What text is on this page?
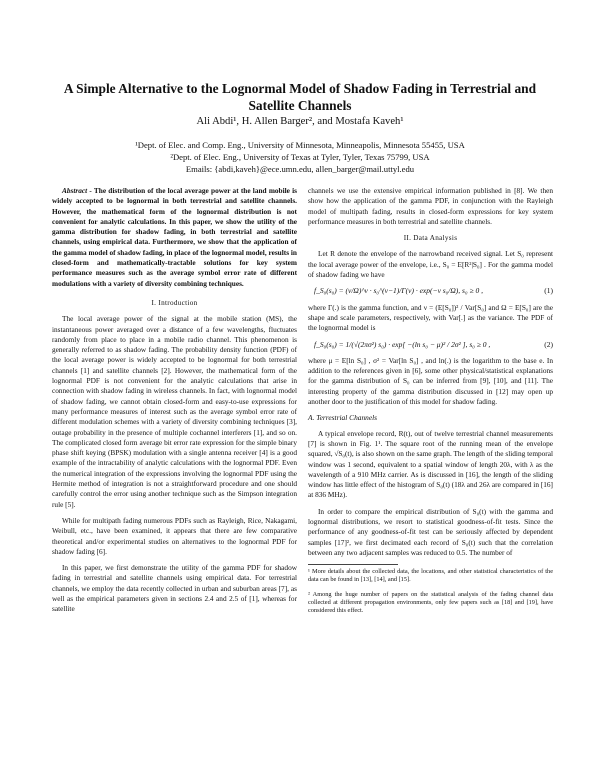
A Simple Alternative to the Lognormal Model of Shadow Fading in Terrestrial and Satellite Channels
Ali Abdi¹, H. Allen Barger², and Mostafa Kaveh¹
¹Dept. of Elec. and Comp. Eng., University of Minnesota, Minneapolis, Minnesota 55455, USA
²Dept. of Elec. Eng., University of Texas at Tyler, Tyler, Texas 75799, USA
Emails: {abdi,kaveh}@ece.umn.edu, allen_barger@mail.uttyl.edu

Abstract - The distribution of the local average power at the land mobile is widely accepted to be lognormal in both terrestrial and satellite channels. However, the mathematical form of the lognormal distribution is not convenient for analytic calculations. In this paper, we show the utility of the gamma distribution for shadow fading, in both terrestrial and satellite channels, using empirical data. Furthermore, we show that the application of the gamma model of shadow fading, in place of the lognormal model, results in closed-form and mathematically-tractable solutions for key system performance measures such as the average symbol error rate of different modulations with a variety of diversity combining techniques.

I. Introduction

The local average power of the signal at the mobile station (MS), the instantaneous power averaged over a distance of a few wavelengths, fluctuates randomly from place to place in a mobile radio channel. This phenomenon is generally referred to as shadow fading. The probability density function (PDF) of the local average power is widely accepted to be lognormal for both terrestrial channels [1] and satellite channels [2]. However, the mathematical form of the lognormal PDF is not convenient for the analytic calculations that arise in connection with shadow fading in wireless channels. In fact, with lognormal model of shadow fading, we cannot obtain closed-form and easy-to-use expressions for many performance measures of interest such as the average symbol error rate of different modulation schemes with a variety of diversity combining techniques [3], outage probability in the presence of multiple cochannel interferers [1], and so on. The complicated closed form average bit error rate expression for the simple binary phase shift keying (BPSK) modulation with a single antenna receiver [4] is a good example of the intractability of analytic calculations with the lognormal PDF. Even the numerical integration of the expressions involving the lognormal PDF using the Hermite method of integration is not a straightforward procedure and one should carefully control the error using another technique such as the Simpson integration rule [5].

While for multipath fading numerous PDFs such as Rayleigh, Rice, Nakagami, Weibull, etc., have been examined, it appears that there are few comparative theoretical and/or experimental studies on alternatives to the lognormal PDF for shadow fading [6].

In this paper, we first demonstrate the utility of the gamma PDF for shadow fading in terrestrial and satellite channels using empirical data. For terrestrial channels, we employ the data recently collected in urban and suburban areas [7], as well as the empirical parameters given in sections 2.4 and 2.5 of [1], whereas for satellite

channels we use the extensive empirical information published in [8]. We then show how the application of the gamma PDF, in conjunction with the Rayleigh model of multipath fading, results in closed-form expressions for key system performance measures in both terrestrial and satellite channels.

II. Data Analysis

Let R denote the envelope of the narrowband received signal. Let S₀ represent the local average power of the envelope, i.e., S₀ = E[R²|S₀] . For the gamma model of shadow fading we have

f_S₀(s₀) = (ν/Ω)^ν · s₀^(ν−1)/Γ(ν) · exp(−ν s₀/Ω), s₀ ≥ 0 ,	(1)

where Γ(.) is the gamma function, and ν = (E[S₀])² / Var[S₀] and Ω = E[S₀] are the shape and scale parameters, respectively, with Var[.] as the variance. The PDF of the lognormal model is

f_S₀(s₀) = 1/(√(2πσ²) s₀) · exp[ −(ln s₀ − μ)² / 2σ² ], s₀ ≥ 0 ,	(2)

where μ = E[ln S₀] , σ² = Var[ln S₀] , and ln(.) is the logarithm to the base e. In addition to the references given in [6], some other physical/statistical explanations for the gamma distribution of S₀ can be inferred from [9], [10], and [11]. The interesting property of the gamma distribution discussed in [12] may open up another door to the justification of this model for shadow fading.

A. Terrestrial Channels

A typical envelope record, R(t), out of twelve terrestrial channel measurements [7] is shown in Fig. 1¹. The square root of the running mean of the envelope squared, √S₀(t), is also shown on the same graph. The length of the sliding temporal window was 1 second, equivalent to a spatial window of length 20λ, with λ as the wavelength of a 910 MHz carrier. As is discussed in [16], the length of the sliding window has little effect of the histogram of S₀(t) (18λ and 26λ are compared in [16] at 836 MHz).

In order to compare the empirical distribution of S₀(t) with the gamma and lognormal distributions, we resort to statistical goodness-of-fit tests. Since the performance of any goodness-of-fit test can be seriously affected by dependent samples [17]², we first decimated each record of S₀(t) such that the correlation between any two adjacent samples was reduced to 0.5. The number of

¹ More details about the collected data, the locations, and other statistical characteristics of the data can be found in [13], [14], and [15].

² Among the huge number of papers on the statistical analysis of the fading channel data collected at different propagation environments, only few papers such as [18] and [19], have considered this effect.
